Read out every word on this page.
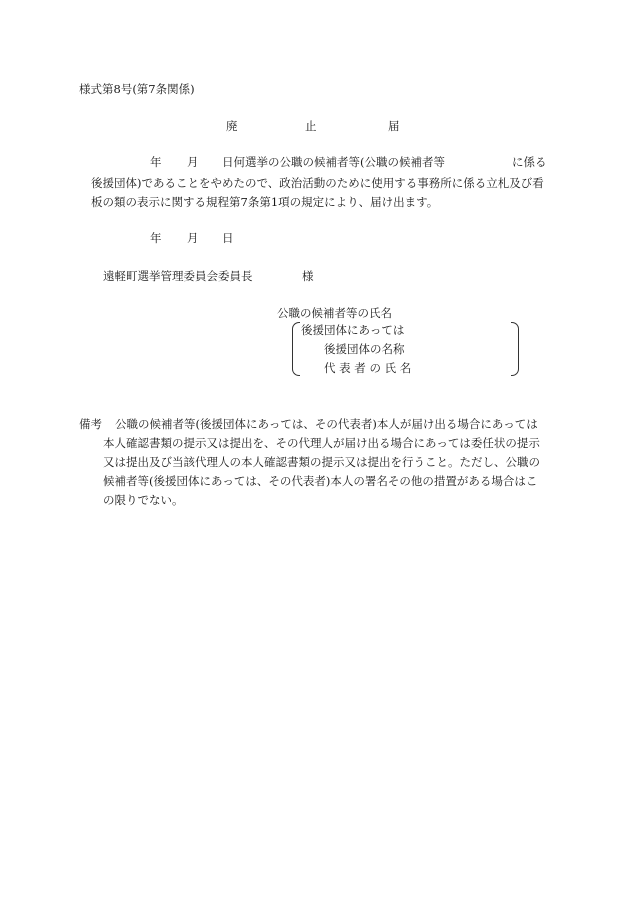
様式第8号(第7条関係)
廃	止	届
年 月 日何選挙の公職の候補者等(公職の候補者等	に係る
後援団体)であることをやめたので、政治活動のために使用する事務所に係る立札及び看
板の類の表示に関する規程第7条第1項の規定により、届け出ます。
年 月 日
遠軽町選挙管理委員会委員長	様
公職の候補者等の氏名
後援団体にあっては
後援団体の名称
代 表 者 の 氏 名
備考 公職の候補者等(後援団体にあっては、その代表者)本人が届け出る場合にあっては
本人確認書類の提示又は提出を、その代理人が届け出る場合にあっては委任状の提示
又は提出及び当該代理人の本人確認書類の提示又は提出を行うこと。ただし、公職の
候補者等(後援団体にあっては、その代表者)本人の署名その他の措置がある場合はこ
の限りでない。
